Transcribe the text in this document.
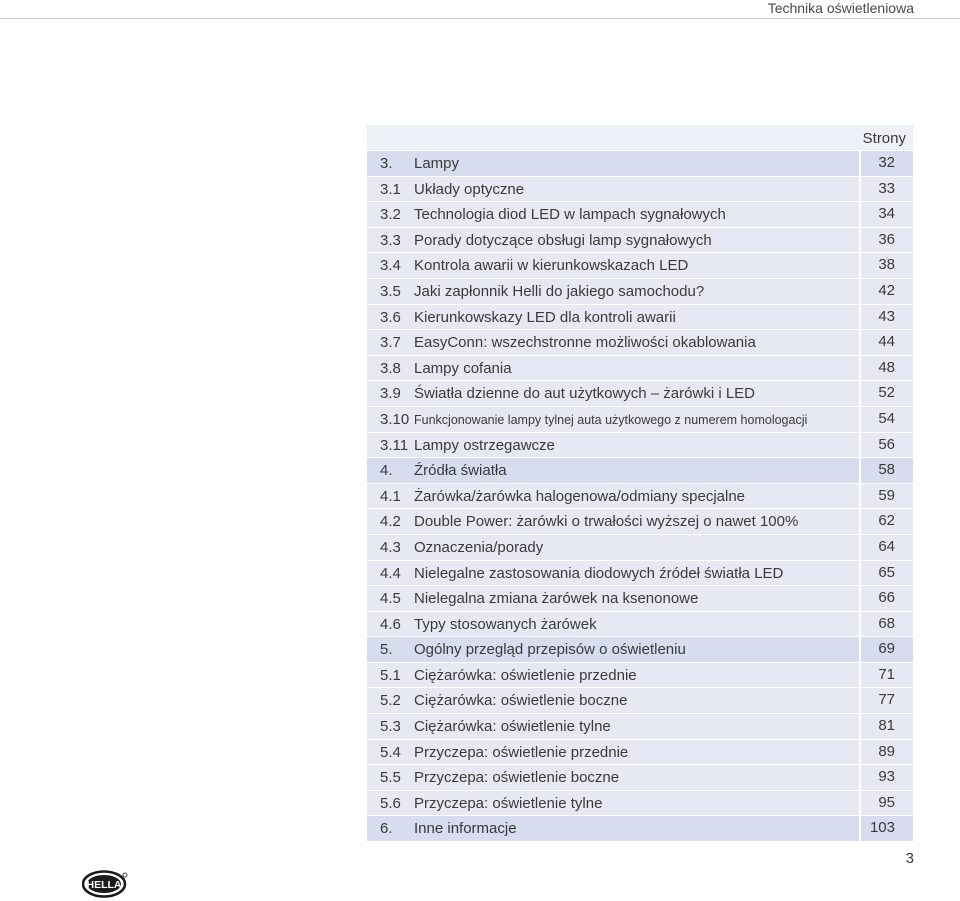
Technika oświetleniowa
Strony
3. Lampy	32
3.1 Układy optyczne	33
3.2 Technologia diod LED w lampach sygnałowych	34
3.3 Porady dotyczące obsługi lamp sygnałowych	36
3.4 Kontrola awarii w kierunkowskazach LED	38
3.5 Jaki zapłonnik Helli do jakiego samochodu?	42
3.6 Kierunkowskazy LED dla kontroli awarii	43
3.7 EasyConn: wszechstronne możliwości okablowania	44
3.8 Lampy cofania	48
3.9 Światła dzienne do aut użytkowych – żarówki i LED	52
3.10 Funkcjonowanie lampy tylnej auta użytkowego z numerem homologacji	54
3.11 Lampy ostrzegawcze	56
4. Źródła światła	58
4.1 Żarówka/żarówka halogenowa/odmiany specjalne	59
4.2 Double Power: żarówki o trwałości wyższej o nawet 100%	62
4.3 Oznaczenia/porady	64
4.4 Nielegalne zastosowania diodowych źródeł światła LED	65
4.5 Nielegalna zmiana żarówek na ksenonowe	66
4.6 Typy stosowanych żarówek	68
5. Ogólny przegląd przepisów o oświetleniu	69
5.1 Ciężarówka: oświetlenie przednie	71
5.2 Ciężarówka: oświetlenie boczne	77
5.3 Ciężarówka: oświetlenie tylne	81
5.4 Przyczepa: oświetlenie przednie	89
5.5 Przyczepa: oświetlenie boczne	93
5.6 Przyczepa: oświetlenie tylne	95
6. Inne informacje	103
3
HELLA
